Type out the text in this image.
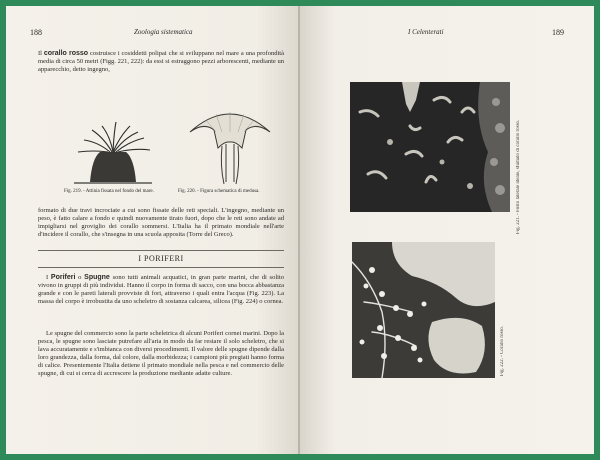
188	Zoologia sistematica
Il corallo rosso costruisce i cosiddetti polipai che si sviluppano nel mare a una profondità media di circa 50 metri (Figg. 221, 222): da essi si estraggono pezzi arborescenti, mediante un apparecchio, detto ingegno,
Fig. 219. - Attinia fissata nel fondo del mare.	Fig. 220. - Figura schematica di medusa.
formato di due travi incrociate a cui sono fissate delle reti speciali. L'ingegno, mediante un peso, è fatto calare a fondo e quindi nuovamente tirato fuori, dopo che le reti sono andate ad impigliarsi nel groviglio dei corallo sommersi. L'Italia ha il primato mondiale nell'arte d'incidere il corallo, che s'insegna in una scuola apposita (Torre del Greco).
I PORIFERI
I Poriferi o Spugne sono tutti animali acquatici, in gran parte marini, che di solito vivono in gruppi di più individui. Hanno il corpo in forma di sacco, con una bocca abbastanza grande e con le pareti laterali provviste di fori, attraverso i quali entra l'acqua (Fig. 223). La massa del corpo è irrobustita da uno scheletro di sostanza calcarea, silicea (Fig. 224) o cornea.
Le spugne del commercio sono la parte scheletrica di alcuni Poriferi cornei marini. Dopo la pesca, le spugne sono lasciate putrefare all'aria in modo da far restare il solo scheletro, che si lava accuratamente e s'imbianca con diversi procedimenti. Il valore delle spugne dipende dalla loro grandezza, dalla forma, dal colore, dalla morbidezza; i campioni più pregiati hanno forma di calice. Presentemente l'Italia detiene il primato mondiale nella pesca e nel commercio delle spugne, di cui si cerca di accrescere la produzione mediante adatte culture.
I Celenterati	189
Fig. 221. - Fusto laterale ideale, sfumato di corallo rosso.
Fig. 222. - Corallo rosso.
